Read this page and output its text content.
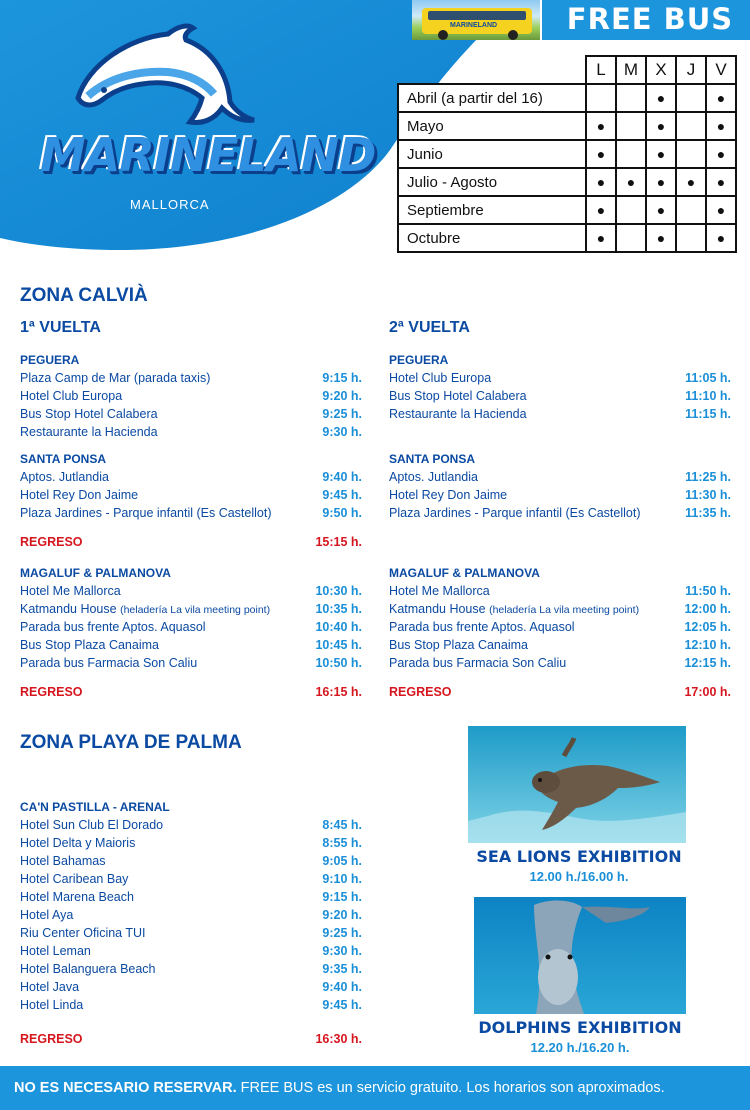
MARINELAND
MALLORCA
MARINELAND	FREE BUS
	L	M	X	J	V
Abril (a partir del 16)			●		●
Mayo	●		●		●
Junio	●		●		●
Julio - Agosto	●	●	●	●	●
Septiembre	●		●		●
Octubre	●		●		●
ZONA CALVIÀ
1ª VUELTA	2ª VUELTA
PEGUERA
Plaza Camp de Mar (parada taxis)	9:15 h.
Hotel Club Europa	9:20 h.
Bus Stop Hotel Calabera	9:25 h.
Restaurante la Hacienda	9:30 h.
SANTA PONSA
Aptos. Jutlandia	9:40 h.
Hotel Rey Don Jaime	9:45 h.
Plaza Jardines - Parque infantil (Es Castellot)	9:50 h.
REGRESO	15:15 h.
MAGALUF & PALMANOVA
Hotel Me Mallorca	10:30 h.
Katmandu House (heladería La vila meeting point)	10:35 h.
Parada bus frente Aptos. Aquasol	10:40 h.
Bus Stop Plaza Canaima	10:45 h.
Parada bus Farmacia Son Caliu	10:50 h.
REGRESO	16:15 h.
PEGUERA
Hotel Club Europa	11:05 h.
Bus Stop Hotel Calabera	11:10 h.
Restaurante la Hacienda	11:15 h.
SANTA PONSA
Aptos. Jutlandia	11:25 h.
Hotel Rey Don Jaime	11:30 h.
Plaza Jardines - Parque infantil (Es Castellot)	11:35 h.
MAGALUF & PALMANOVA
Hotel Me Mallorca	11:50 h.
Katmandu House (heladería La vila meeting point)	12:00 h.
Parada bus frente Aptos. Aquasol	12:05 h.
Bus Stop Plaza Canaima	12:10 h.
Parada bus Farmacia Son Caliu	12:15 h.
REGRESO	17:00 h.
ZONA PLAYA DE PALMA
CA'N PASTILLA - ARENAL
Hotel Sun Club El Dorado	8:45 h.
Hotel Delta y Maioris	8:55 h.
Hotel Bahamas	9:05 h.
Hotel Caribean Bay	9:10 h.
Hotel Marena Beach	9:15 h.
Hotel Aya	9:20 h.
Riu Center Oficina TUI	9:25 h.
Hotel Leman	9:30 h.
Hotel Balanguera Beach	9:35 h.
Hotel Java	9:40 h.
Hotel Linda	9:45 h.
REGRESO	16:30 h.
SEA LIONS EXHIBITION
12.00 h./16.00 h.
DOLPHINS EXHIBITION
12.20 h./16.20 h.
NO ES NECESARIO RESERVAR. FREE BUS es un servicio gratuito. Los horarios son aproximados.
